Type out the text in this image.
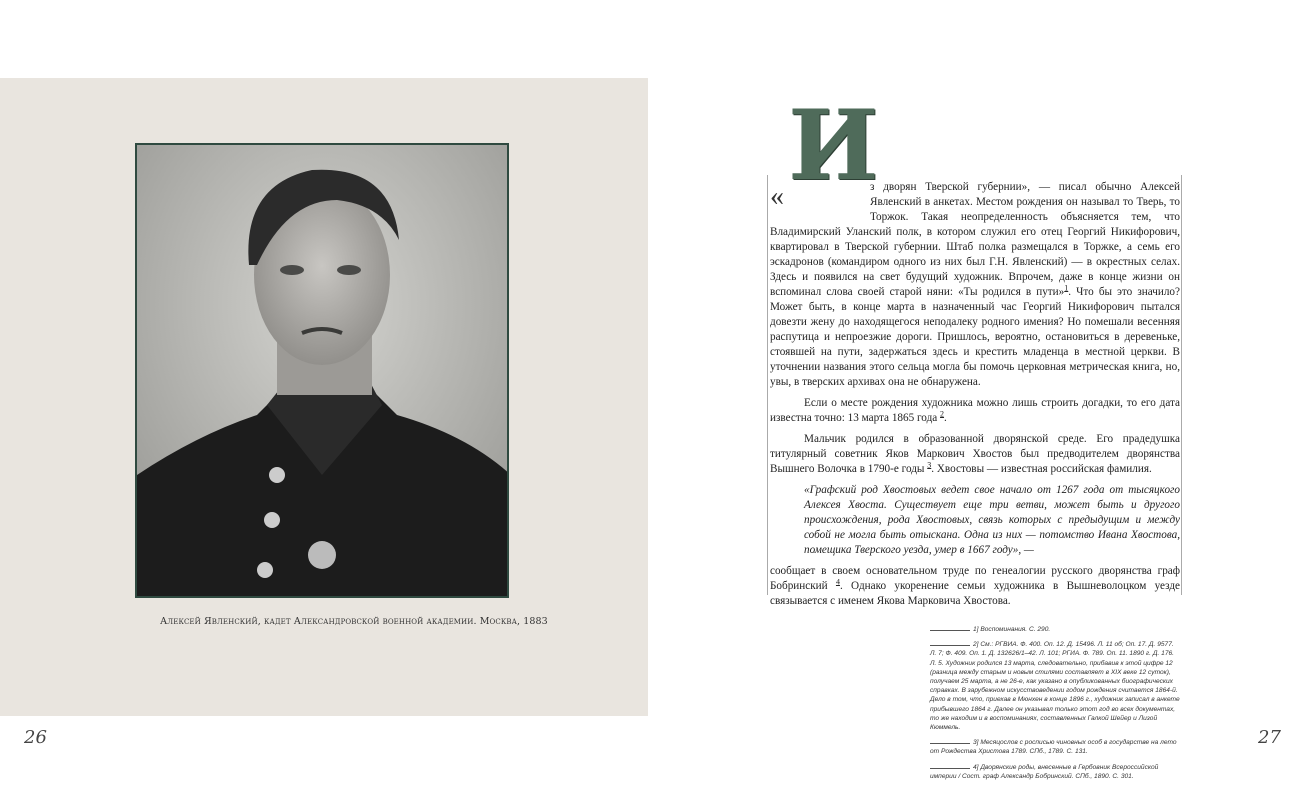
Алексей Явленский, кадет Александровской военной академии. Москва, 1883
26	27
И
«	з дворян Тверской губернии», — писал обычно Алексей Явленский в анкетах. Местом рождения он называл то Тверь, то Торжок. Такая неопределенность объясняется тем, что Владимирский Уланский полк, в котором служил его отец Георгий Никифорович, квартировал в Тверской губернии. Штаб полка размещался в Торжке, а семь его эскадронов (командиром одного из них был Г.Н. Явленский) — в окрестных селах. Здесь и появился на свет будущий художник. Впрочем, даже в конце жизни он вспоминал слова своей старой няни: «Ты родился в пути»$^1$. Что бы это значило? Может быть, в конце марта в назначенный час Георгий Никифорович пытался довезти жену до находящегося неподалеку родного имения? Но помешали весенняя распутица и непроезжие дороги. Пришлось, вероятно, остановиться в деревеньке, стоявшей на пути, задержаться здесь и крестить младенца в местной церкви. В уточнении названия этого сельца могла бы помочь церковная метрическая книга, но, увы, в тверских архивах она не обнаружена.

Если о месте рождения художника можно лишь строить догадки, то его дата известна точно: 13 марта 1865 года $^2$.

Мальчик родился в образованной дворянской среде. Его прадедушка титулярный советник Яков Маркович Хвостов был предводителем дворянства Вышнего Волочка в 1790-е годы $^3$. Хвостовы — известная российская фамилия.

«Графский род Хвостовых ведет свое начало от 1267 года от тысяцкого Алексея Хвоста. Существует еще три ветви, может быть и другого происхождения, рода Хвостовых, связь которых с предыдущим и между собой не могла быть отыскана. Одна из них — потомство Ивана Хвостова, помещика Тверского уезда, умер в 1667 году», —

сообщает в своем основательном труде по генеалогии русского дворянства граф Бобринский $^4$. Однако укоренение семьи художника в Вышневолоцком уезде связывается с именем Якова Марковича Хвостова.

1] Воспоминания. С. 290.
2] См.: РГВИА. Ф. 400. Оп. 12. Д. 15496. Л. 11 об; Оп. 17. Д. 9577. Л. 7; Ф. 409. Оп. 1. Д. 132626/1–42. Л. 101; РГИА. Ф. 789. Оп. 11. 1890 г. Д. 176. Л. 5. Художник родился 13 марта, следовательно, прибавив к этой цифре 12 (разница между старым и новым стилями составляет в XIX веке 12 суток), получаем 25 марта, а не 26-е, как указано в опубликованных биографических справках. В зарубежном искусствоведении годом рождения считается 1864-й. Дело в том, что, приехав в Мюнхен в конце 1896 г., художник записал в анкете прибывшего 1864 г. Далее он указывал только этот год во всех документах, то же находим и в воспоминаниях, составленных Галкой Шейер и Лизой Кюммель.
3] Месяцослов с росписью чиновных особ в государстве на лето от Рождества Христова 1789. СПб., 1789. С. 131.
4] Дворянские роды, внесенные в Гербовник Всероссийской империи / Сост. граф Александр Бобринский. СПб., 1890. С. 301.
